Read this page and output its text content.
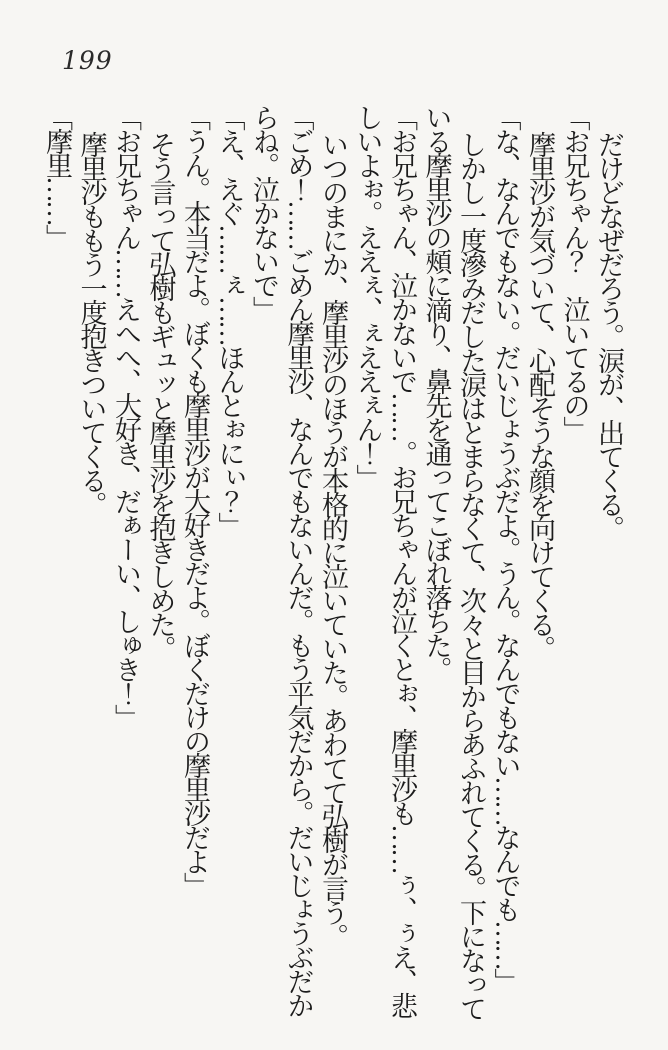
199

だけどなぜだろう。涙が、出てくる。

「お兄ちゃん？　泣いてるの」

摩里沙が気づいて、心配そうな顔を向けてくる。

「な、なんでもない。だいじょうぶだよ。うん。なんでもない……なんでも……」

しかし一度滲みだした涙はとまらなくて、次々と目からあふれてくる。下になって
いる摩里沙の頰に滴り、鼻先を通ってこぼれ落ちた。

「お兄ちゃん、泣かないで……。お兄ちゃんが泣くとぉ、摩里沙も……ぅ、ぅえ、悲
しいよぉ。ええぇ、ぇええぇん！」

いつのまにか、摩里沙のほうが本格的に泣いていた。あわてて弘樹が言う。

「ごめ！……ごめん摩里沙、なんでもないんだ。もう平気だから。だいじょうぶだか
らね。泣かないで」

「え、えぐ……ぇ……ほんとぉにぃ？」

「うん。本当だよ。ぼくも摩里沙が大好きだよ。ぼくだけの摩里沙だよ」

そう言って弘樹もギュッと摩里沙を抱きしめた。

「お兄ちゃん……えへへ、大好き、だぁーい、しゅき！」

摩里沙ももう一度抱きついてくる。

「摩里……」
